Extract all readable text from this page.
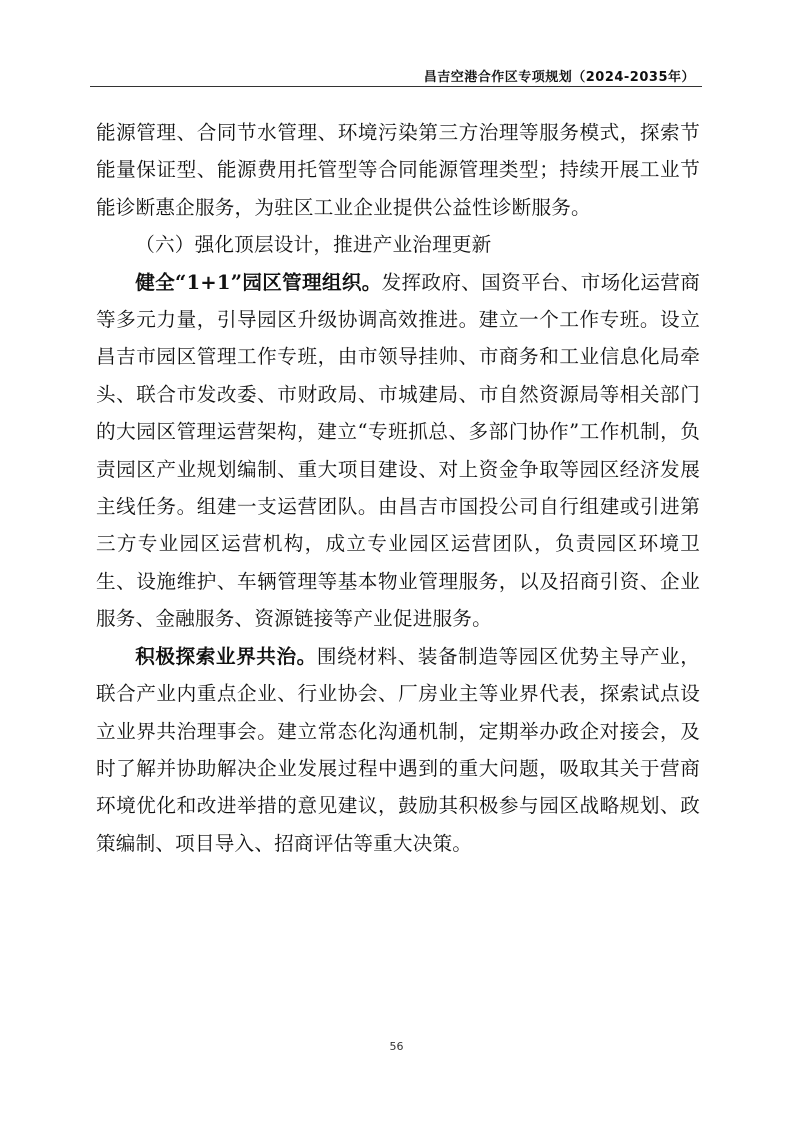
昌吉空港合作区专项规划（2024-2035年）

能源管理、合同节水管理、环境污染第三方治理等服务模式，探索节能量保证型、能源费用托管型等合同能源管理类型；持续开展工业节能诊断惠企服务，为驻区工业企业提供公益性诊断服务。

（六）强化顶层设计，推进产业治理更新

健全“1+1”园区管理组织。发挥政府、国资平台、市场化运营商等多元力量，引导园区升级协调高效推进。建立一个工作专班。设立昌吉市园区管理工作专班，由市领导挂帅、市商务和工业信息化局牵头、联合市发改委、市财政局、市城建局、市自然资源局等相关部门的大园区管理运营架构，建立“专班抓总、多部门协作”工作机制，负责园区产业规划编制、重大项目建设、对上资金争取等园区经济发展主线任务。组建一支运营团队。由昌吉市国投公司自行组建或引进第三方专业园区运营机构，成立专业园区运营团队，负责园区环境卫生、设施维护、车辆管理等基本物业管理服务，以及招商引资、企业服务、金融服务、资源链接等产业促进服务。

积极探索业界共治。围绕材料、装备制造等园区优势主导产业，联合产业内重点企业、行业协会、厂房业主等业界代表，探索试点设立业界共治理事会。建立常态化沟通机制，定期举办政企对接会，及时了解并协助解决企业发展过程中遇到的重大问题，吸取其关于营商环境优化和改进举措的意见建议，鼓励其积极参与园区战略规划、政策编制、项目导入、招商评估等重大决策。

56
